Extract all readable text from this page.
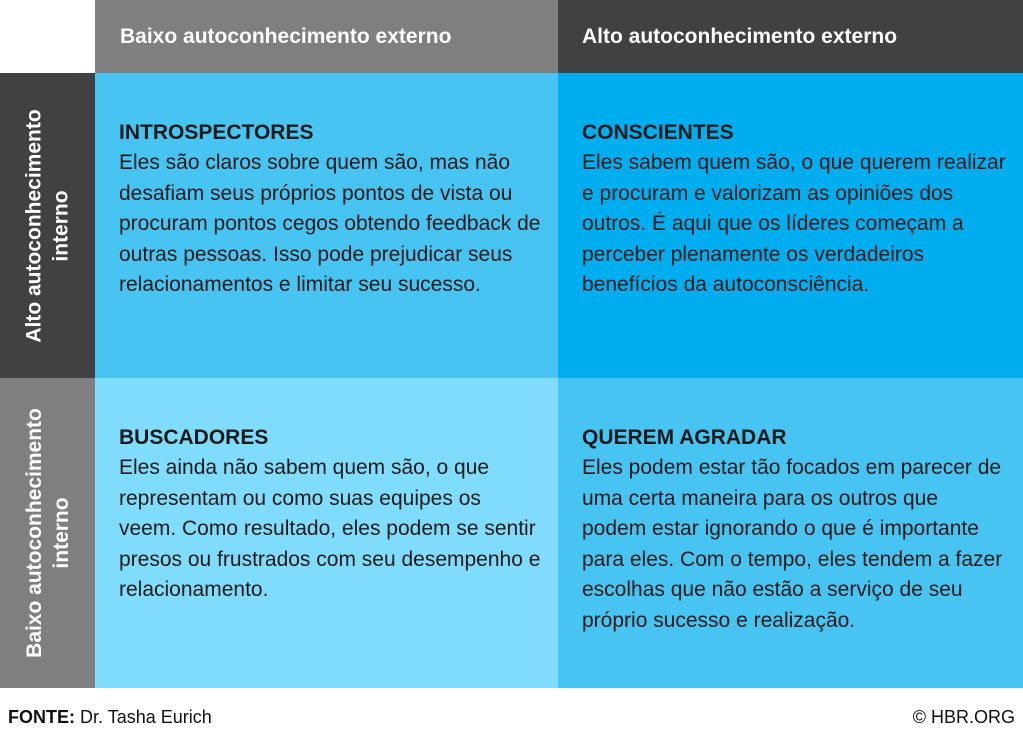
Baixo autoconhecimento externo	Alto autoconhecimento externo
Alto autoconhecimento interno
Baixo autoconhecimento interno
INTROSPECTORES

Eles são claros sobre quem são, mas não desafiam seus próprios pontos de vista ou procuram pontos cegos obtendo feedback de outras pessoas. Isso pode prejudicar seus relacionamentos e limitar seu sucesso.

CONSCIENTES

Eles sabem quem são, o que querem realizar e procuram e valorizam as opiniões dos outros. É aqui que os líderes começam a perceber plenamente os verdadeiros benefícios da autoconsciência.

BUSCADORES

Eles ainda não sabem quem são, o que representam ou como suas equipes os veem. Como resultado, eles podem se sentir presos ou frustrados com seu desempenho e relacionamento.

QUEREM AGRADAR

Eles podem estar tão focados em parecer de uma certa maneira para os outros que podem estar ignorando o que é importante para eles. Com o tempo, eles tendem a fazer escolhas que não estão a serviço de seu próprio sucesso e realização.

FONTE: Dr. Tasha Eurich	© HBR.ORG
